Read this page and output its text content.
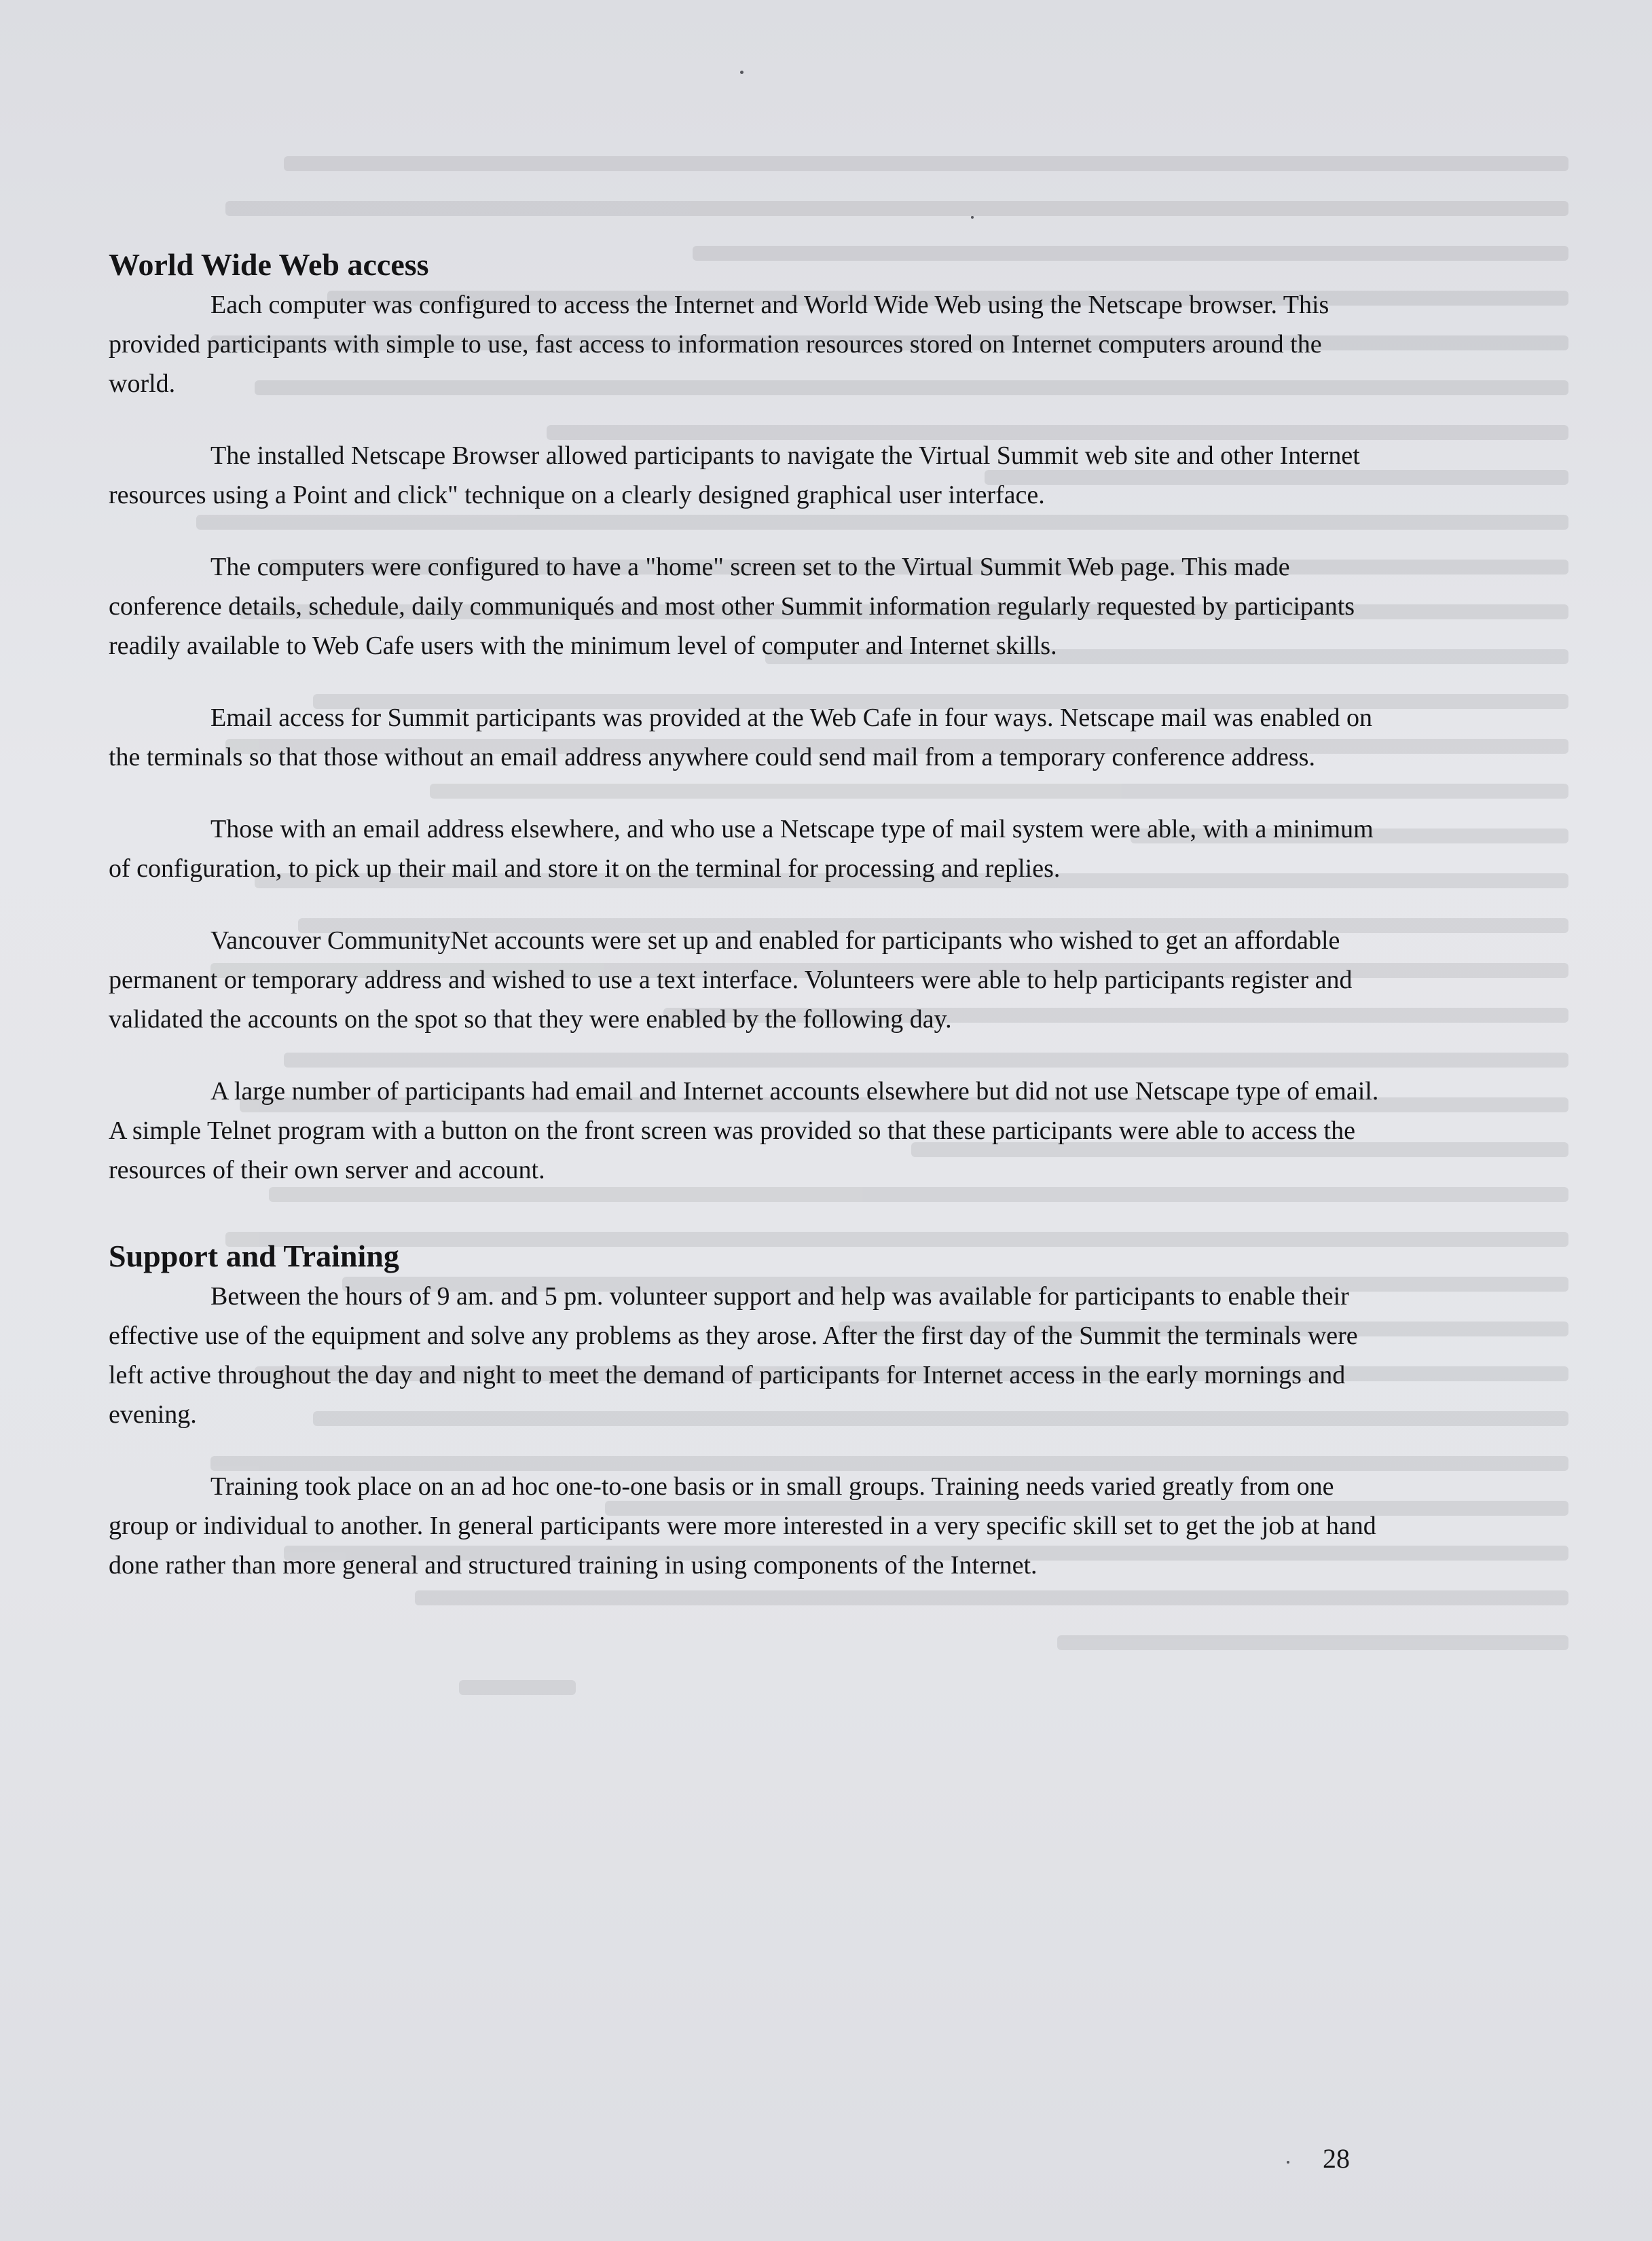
World Wide Web access

Each computer was configured to access the Internet and World Wide Web using the Netscape browser. This provided participants with simple to use, fast access to information resources stored on Internet computers around the world.

The installed Netscape Browser allowed participants to navigate the Virtual Summit web site and other Internet resources using a Point and click" technique on a clearly designed graphical user interface.

The computers were configured to have a "home" screen set to the Virtual Summit Web page. This made conference details, schedule, daily communiqués and most other Summit information regularly requested by participants readily available to Web Cafe users with the minimum level of computer and Internet skills.

Email access for Summit participants was provided at the Web Cafe in four ways. Netscape mail was enabled on the terminals so that those without an email address anywhere could send mail from a temporary conference address.

Those with an email address elsewhere, and who use a Netscape type of mail system were able, with a minimum of configuration, to pick up their mail and store it on the terminal for processing and replies.

Vancouver CommunityNet accounts were set up and enabled for participants who wished to get an affordable permanent or temporary address and wished to use a text interface. Volunteers were able to help participants register and validated the accounts on the spot so that they were enabled by the following day.

A large number of participants had email and Internet accounts elsewhere but did not use Netscape type of email. A simple Telnet program with a button on the front screen was provided so that these participants were able to access the resources of their own server and account.

Support and Training

Between the hours of 9 am. and 5 pm. volunteer support and help was available for participants to enable their effective use of the equipment and solve any problems as they arose. After the first day of the Summit the terminals were left active throughout the day and night to meet the demand of participants for Internet access in the early mornings and evening.

Training took place on an ad hoc one-to-one basis or in small groups. Training needs varied greatly from one group or individual to another. In general participants were more interested in a very specific skill set to get the job at hand done rather than more general and structured training in using components of the Internet.

28
